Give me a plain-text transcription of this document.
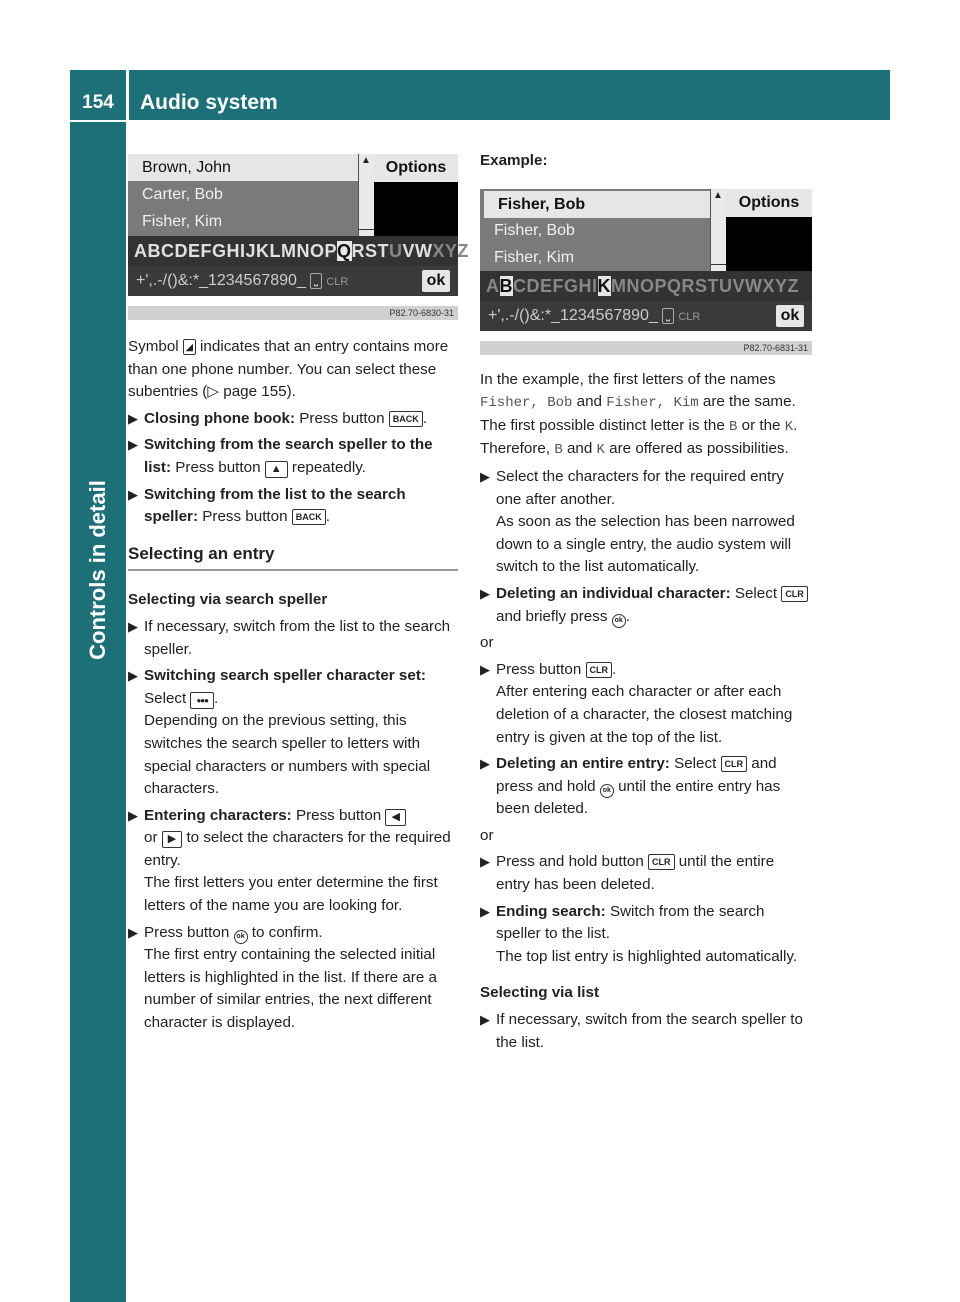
154	Audio system
Controls in detail
Brown, John
Carter, Bob
Fisher, Kim
▲ Options
ABCDEFGHIJKLMNOPQRSTUVWXYZ
+',.-/()&:*_1234567890_ ⎵ CLR	ok
P82.70-6830-31

Symbol ◢ indicates that an entry contains more than one phone number. You can select these subentries (▷ page 155).

▶ Closing phone book: Press button BACK .
▶ Switching from the search speller to the list: Press button ▲ repeatedly.
▶ Switching from the list to the search speller: Press button BACK .
Selecting an entry

Selecting via search speller

▶ If necessary, switch from the list to the search speller.
▶ Switching search speller character set: Select ●●● .
Depending on the previous setting, this switches the search speller to letters with special characters or numbers with special characters.
▶ Entering characters: Press button ◀
or ▶ to select the characters for the required entry.
The first letters you enter determine the first letters of the name you are looking for.
▶ Press button ok to confirm.
The first entry containing the selected initial letters is highlighted in the list. If there are a number of similar entries, the next different character is displayed.

Example:

Fisher, Bob
Fisher, Bob
Fisher, Kim
▲ Options
ABCDEFGHIKMNOPQRSTUVWXYZ
+',.-/()&:*_1234567890_ ⎵ CLR	ok
P82.70-6831-31

In the example, the first letters of the names Fisher, Bob and Fisher, Kim are the same. The first possible distinct letter is the B or the K.

Therefore, B and K are offered as possibilities.

▶ Select the characters for the required entry one after another.
As soon as the selection has been narrowed down to a single entry, the audio system will switch to the list automatically.
▶ Deleting an individual character: Select CLR and briefly press ok .

or

▶ Press button CLR .
After entering each character or after each deletion of a character, the closest matching entry is given at the top of the list.
▶ Deleting an entire entry: Select CLR and press and hold ok until the entire entry has been deleted.

or

▶ Press and hold button CLR until the entire entry has been deleted.
▶ Ending search: Switch from the search speller to the list.
The top list entry is highlighted automatically.

Selecting via list

▶ If necessary, switch from the search speller to the list.
